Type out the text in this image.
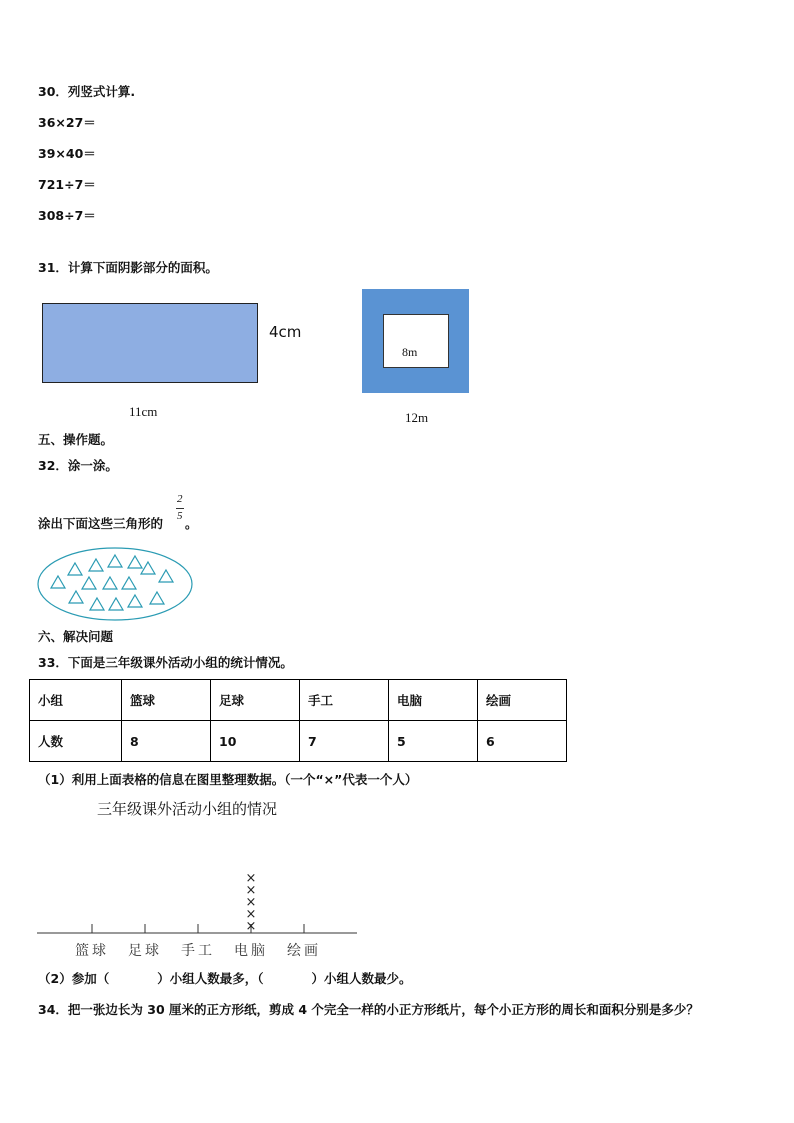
30．列竖式计算.
36×27＝
39×40＝
721÷7＝
308÷7＝
31．计算下面阴影部分的面积。
4cm
11cm
8m
12m
五、操作题。
32．涂一涂。
涂出下面这些三角形的
2
5 。
六、解决问题
33．下面是三年级课外活动小组的统计情况。
小组	篮球	足球	手工	电脑	绘画
人数	8	10	7	5	6
（1）利用上面表格的信息在图里整理数据。（一个“×”代表一个人）
三年级课外活动小组的情况
篮球 足球 手工 电脑
×
×
×
×
×
绘画
（2）参加（	）小组人数最多，（	）小组人数最少。
34．把一张边长为 30 厘米的正方形纸，剪成 4 个完全一样的小正方形纸片，每个小正方形的周长和面积分别是多少？
